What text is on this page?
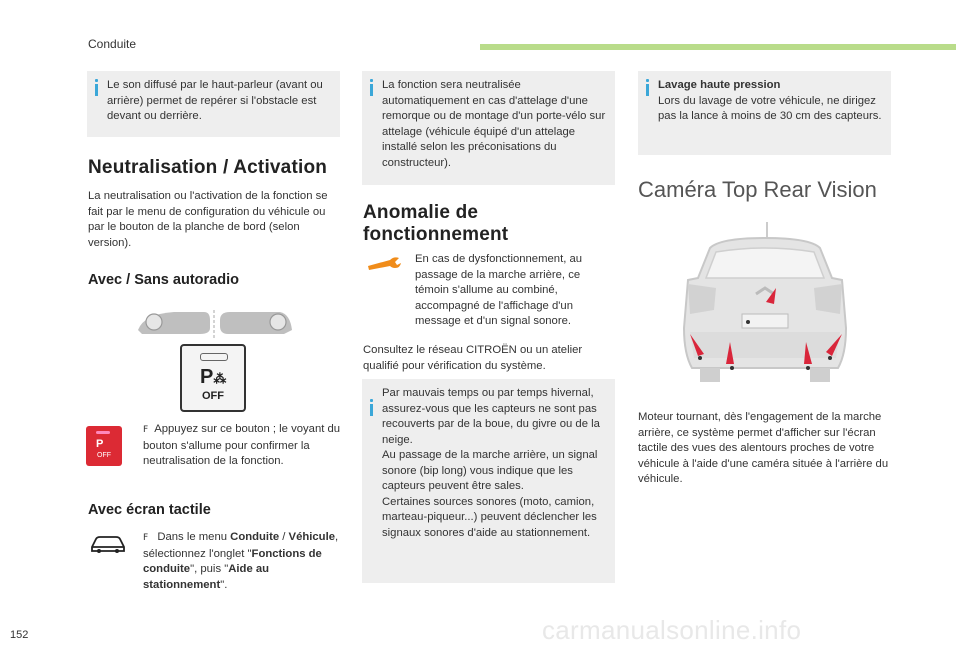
Conduite
Le son diffusé par le haut-parleur (avant ou arrière) permet de repérer si l'obstacle est devant ou derrière.
Neutralisation / Activation

La neutralisation ou l'activation de la fonction se fait par le menu de configuration du véhicule ou par le bouton de la planche de bord (selon version).

Avec / Sans autoradio
P⁂
OFF
P
OFF

F Appuyez sur ce bouton ; le voyant du bouton s'allume pour confirmer la neutralisation de la fonction.

Avec écran tactile

F Dans le menu Conduite / Véhicule, sélectionnez l'onglet "Fonctions de conduite", puis "Aide au stationnement".

La fonction sera neutralisée automatiquement en cas d'attelage d'une remorque ou de montage d'un porte-vélo sur attelage (véhicule équipé d'un attelage installé selon les préconisations du constructeur).
Anomalie de
fonctionnement

En cas de dysfonctionnement, au passage de la marche arrière, ce témoin s'allume au combiné, accompagné de l'affichage d'un message et d'un signal sonore.

Consultez le réseau CITROËN ou un atelier qualifié pour vérification du système.

Par mauvais temps ou par temps hivernal, assurez-vous que les capteurs ne sont pas recouverts par de la boue, du givre ou de la neige.
Au passage de la marche arrière, un signal sonore (bip long) vous indique que les capteurs peuvent être sales.
Certaines sources sonores (moto, camion, marteau-piqueur...) peuvent déclencher les signaux sonores d'aide au stationnement.
Lavage haute pression
Lors du lavage de votre véhicule, ne dirigez pas la lance à moins de 30 cm des capteurs.
Caméra Top Rear Vision

Moteur tournant, dès l'engagement de la marche arrière, ce système permet d'afficher sur l'écran tactile des vues des alentours proches de votre véhicule à l'aide d'une caméra située à l'arrière du véhicule.

152	carmanualsonline.info
